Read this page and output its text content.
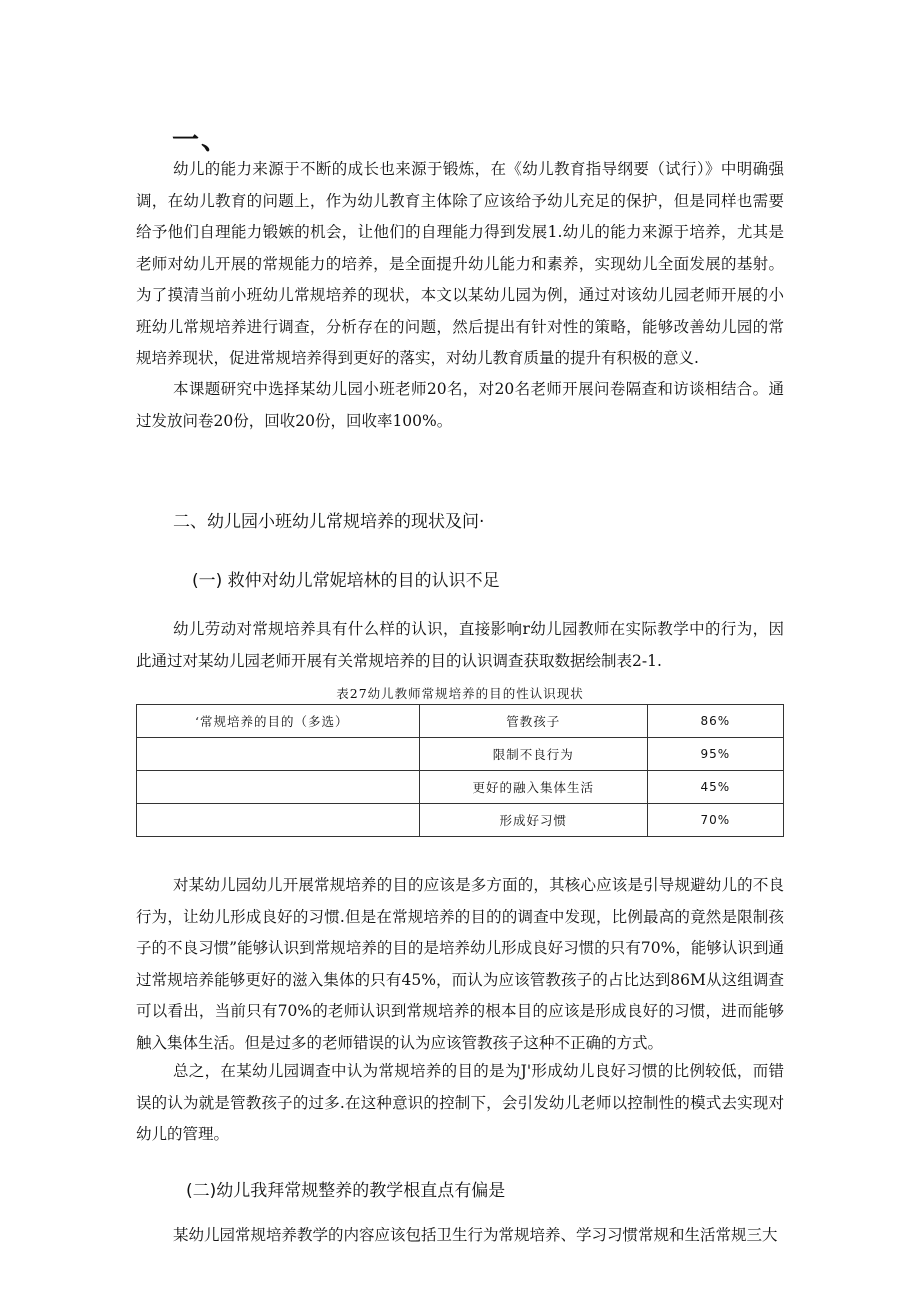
一、

幼儿的能力来源于不断的成长也来源于锻炼，在《幼儿教育指导纲要（试行）》中明确强调，在幼儿教育的问题上，作为幼儿教育主体除了应该给予幼儿充足的保护，但是同样也需要给予他们自理能力锻嫉的机会，让他们的自理能力得到发展1.幼儿的能力来源于培养，尤其是老师对幼儿开展的常规能力的培养，是全面提升幼儿能力和素养，实现幼儿全面发展的基射。为了摸清当前小班幼儿常规培养的现状，本文以某幼儿园为例，通过对该幼儿园老师开展的小班幼儿常规培养进行调查，分析存在的问题，然后提出有针对性的策略，能够改善幼儿园的常规培养现状，促进常规培养得到更好的落实，对幼儿教育质量的提升有积极的意义.

本课题研究中选择某幼儿园小班老师20名，对20名老师开展问卷隔查和访谈相结合。通过发放问卷20份，回收20份，回收率100%。

二、幼儿园小班幼儿常规培养的现状及问·
(一) 救仲对幼儿常妮培林的目的认识不足

幼儿劳动对常规培养具有什么样的认识，直接影响r幼儿园教师在实际教学中的行为，因此通过对某幼儿园老师开展有关常规培养的目的认识调查获取数据绘制表2-1.

表27幼儿教师常规培养的目的性认识现状
‘常规培养的目的（多选）	管教孩子	86%
	限制不良行为	95%
	更好的融入集体生活	45%
	形成好习惯	70%

对某幼儿园幼儿开展常规培养的目的应该是多方面的，其核心应该是引导规避幼儿的不良行为，让幼儿形成良好的习惯.但是在常规培养的目的的调查中发现，比例最高的竟然是限制孩子的不良习惯”能够认识到常规培养的目的是培养幼儿形成良好习惯的只有70%，能够认识到通过常规培养能够更好的滋入集体的只有45%，而认为应该管教孩子的占比达到86M从这组调查可以看出，当前只有70%的老师认识到常规培养的根本目的应该是形成良好的习惯，进而能够触入集体生活。但是过多的老师错误的认为应该管教孩子这种不正确的方式。

总之，在某幼儿园调查中认为常规培养的目的是为J'形成幼儿良好习惯的比例较低，而错误的认为就是管教孩子的过多.在这种意识的控制下，会引发幼儿老师以控制性的模式去实现对幼儿的管理。

(二)幼儿我拜常规整养的教学根直点有偏是

某幼儿园常规培养教学的内容应该包括卫生行为常规培养、学习习惯常规和生活常规三大
